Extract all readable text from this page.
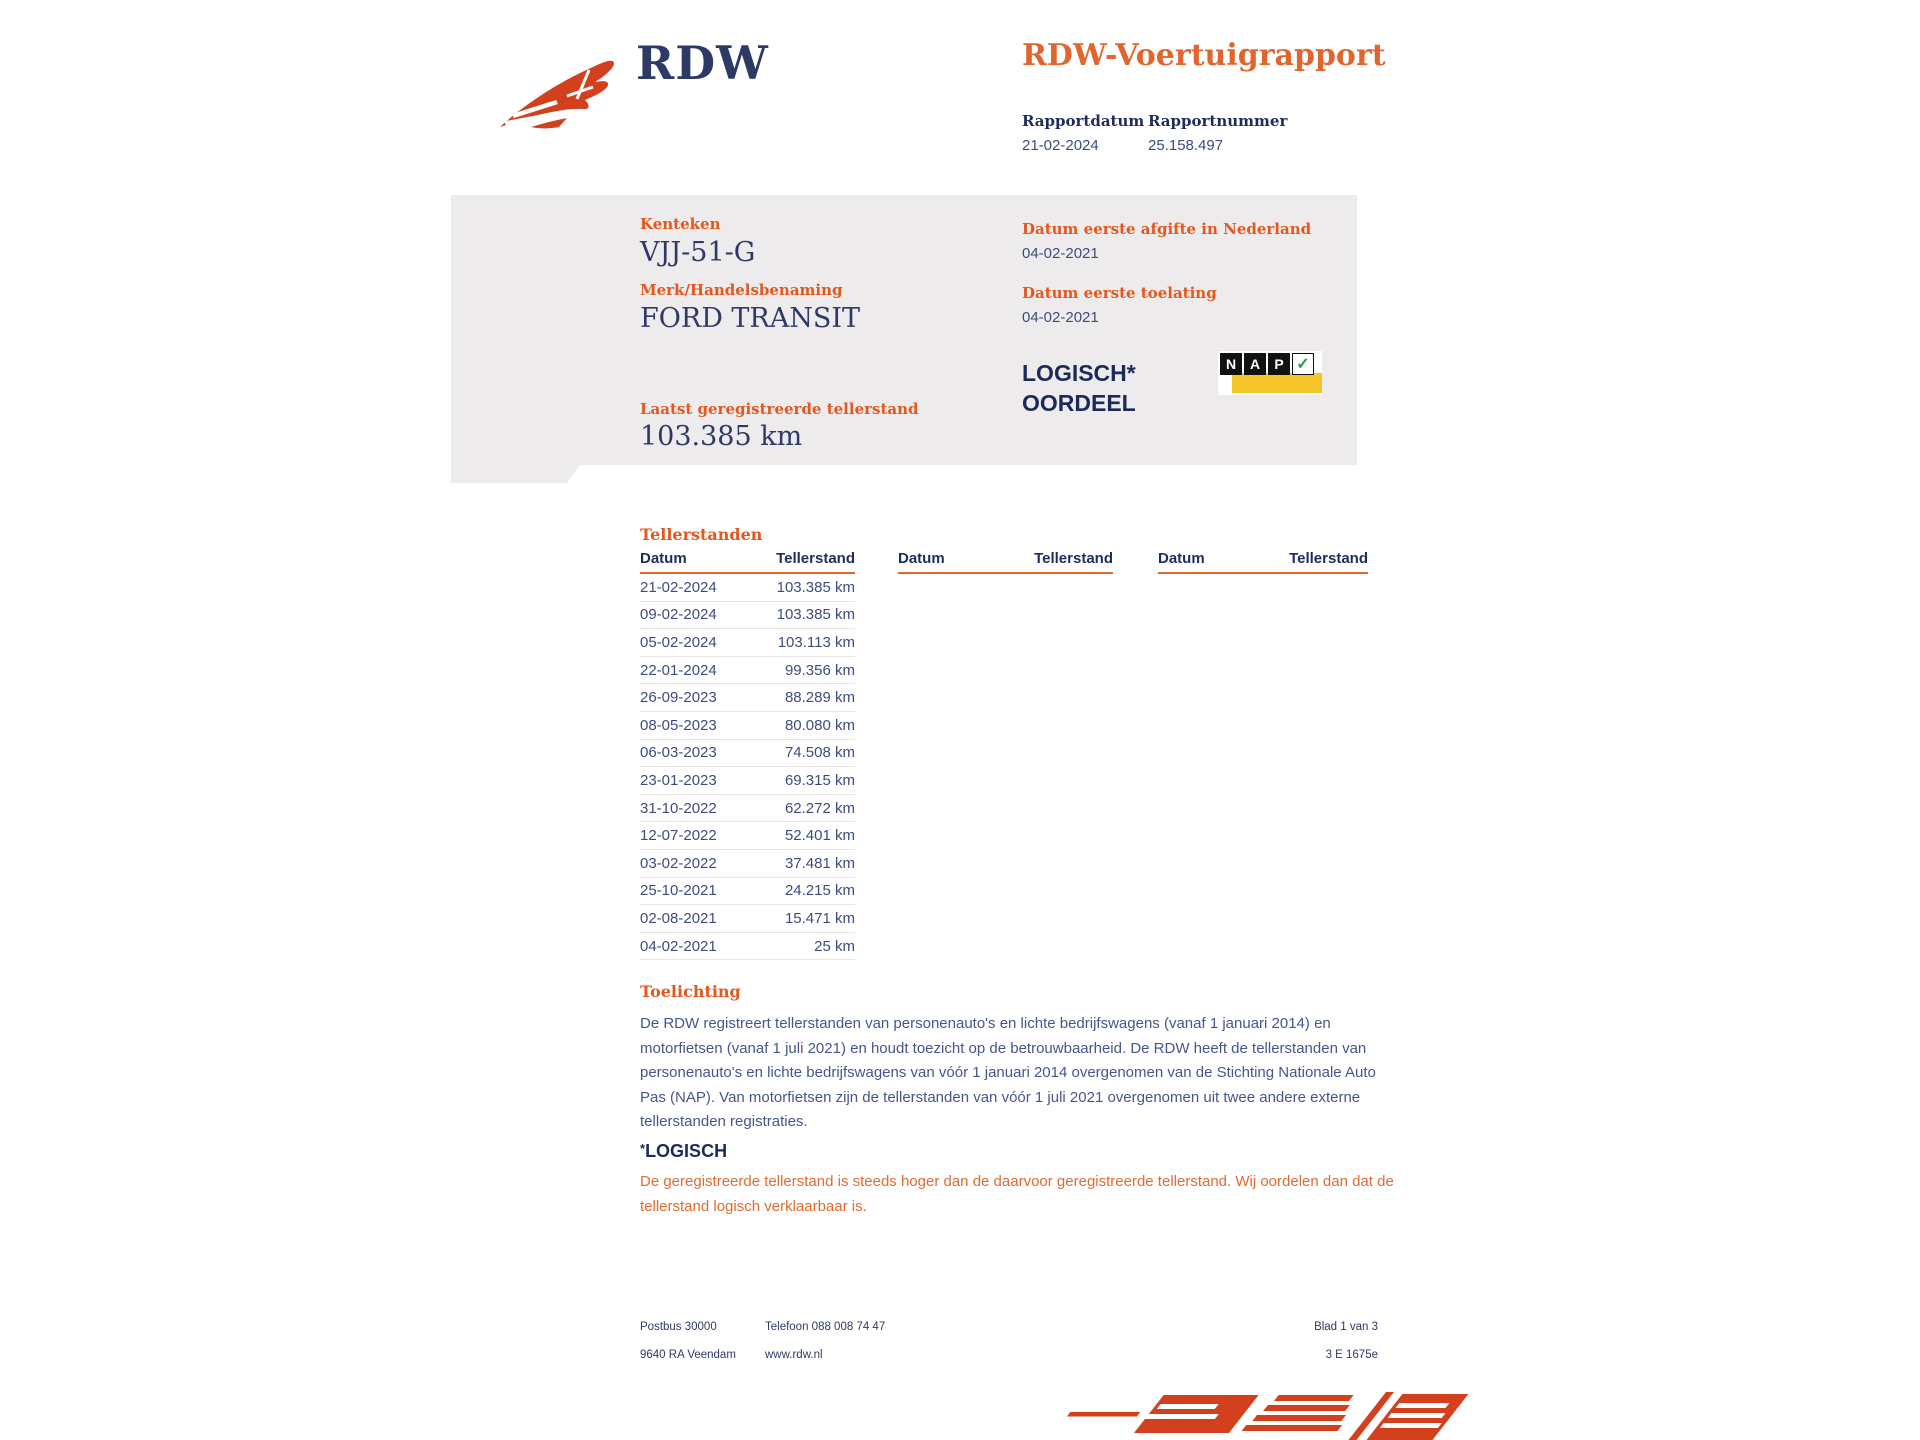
RDW	RDW-Voertuigrapport
Rapportdatum Rapportnummer
21-02-2024	25.158.497
Kenteken
VJJ-51-G
Merk/Handelsbenaming
FORD TRANSIT
Laatst geregistreerde tellerstand
103.385 km
Datum eerste afgifte in Nederland
04-02-2021
Datum eerste toelating
04-02-2021
LOGISCH*
OORDEEL
N A	P ✓
Tellerstanden
Datum	Tellerstand
21-02-2024	103.385 km
09-02-2024	103.385 km
05-02-2024	103.113 km
22-01-2024	99.356 km
26-09-2023	88.289 km
08-05-2023	80.080 km
06-03-2023	74.508 km
23-01-2023	69.315 km
31-10-2022	62.272 km
12-07-2022	52.401 km
03-02-2022	37.481 km
25-10-2021	24.215 km
02-08-2021	15.471 km
04-02-2021	25 km
Datum	Tellerstand	Datum	Tellerstand
Toelichting
De RDW registreert tellerstanden van personenauto's en lichte bedrijfswagens (vanaf 1 januari 2014) en motorfietsen (vanaf 1 juli 2021) en houdt toezicht op de betrouwbaarheid. De RDW heeft de tellerstanden van personenauto's en lichte bedrijfswagens van vóór 1 januari 2014 overgenomen van de Stichting Nationale Auto Pas (NAP). Van motorfietsen zijn de tellerstanden van vóór 1 juli 2021 overgenomen uit twee andere externe tellerstanden registraties.
*LOGISCH
De geregistreerde tellerstand is steeds hoger dan de daarvoor geregistreerde tellerstand. Wij oordelen dan dat de tellerstand logisch verklaarbaar is.
Postbus 30000
9640 RA Veendam
Telefoon 088 008 74 47
www.rdw.nl
Blad 1 van 3
3 E 1675e
